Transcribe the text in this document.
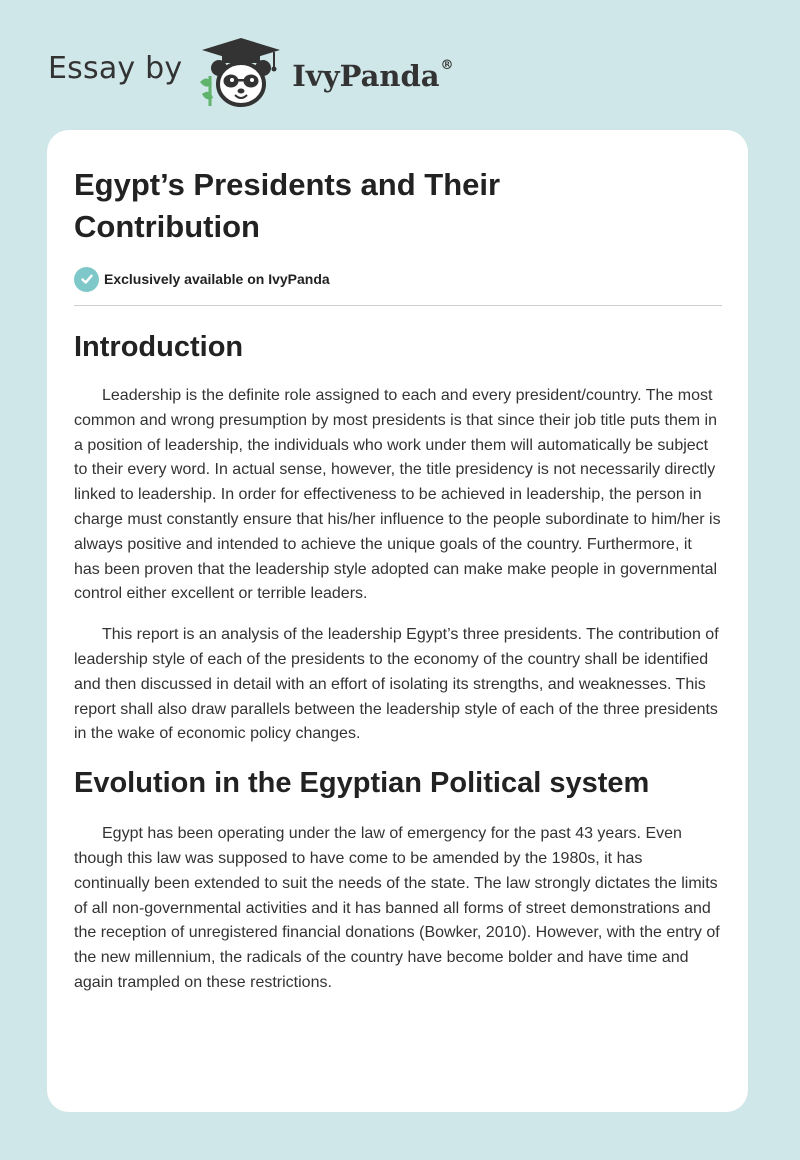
Essay by	IvyPanda®
Egypt’s Presidents and Their Contribution
Exclusively available on IvyPanda
Introduction

Leadership is the definite role assigned to each and every president/country. The most common and wrong presumption by most presidents is that since their job title puts them in a position of leadership, the individuals who work under them will automatically be subject to their every word. In actual sense, however, the title presidency is not necessarily directly linked to leadership. In order for effectiveness to be achieved in leadership, the person in charge must constantly ensure that his/her influence to the people subordinate to him/her is always positive and intended to achieve the unique goals of the country. Furthermore, it has been proven that the leadership style adopted can make make people in governmental control either excellent or terrible leaders.

This report is an analysis of the leadership Egypt’s three presidents. The contribution of leadership style of each of the presidents to the economy of the country shall be identified and then discussed in detail with an effort of isolating its strengths, and weaknesses. This report shall also draw parallels between the leadership style of each of the three presidents in the wake of economic policy changes.

Evolution in the Egyptian Political system

Egypt has been operating under the law of emergency for the past 43 years. Even though this law was supposed to have come to be amended by the 1980s, it has continually been extended to suit the needs of the state. The law strongly dictates the limits of all non-governmental activities and it has banned all forms of street demonstrations and the reception of unregistered financial donations (Bowker, 2010). However, with the entry of the new millennium, the radicals of the country have become bolder and have time and again trampled on these restrictions.
